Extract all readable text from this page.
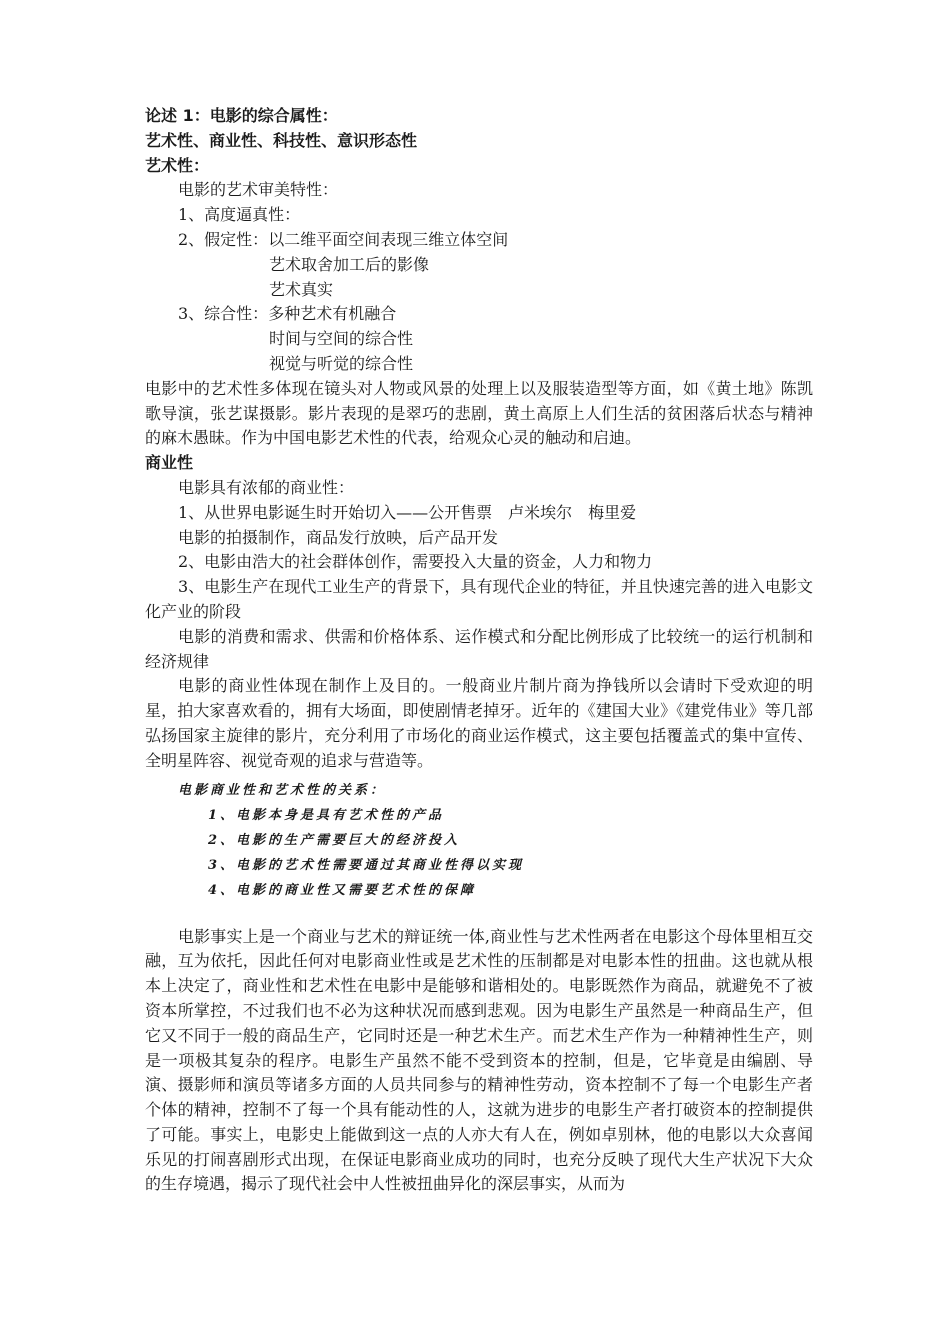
论述 1：电影的综合属性：
艺术性、商业性、科技性、意识形态性
艺术性：
电影的艺术审美特性：
1、高度逼真性：
2、假定性：以二维平面空间表现三维立体空间
艺术取舍加工后的影像
艺术真实
3、综合性：多种艺术有机融合
时间与空间的综合性
视觉与听觉的综合性
电影中的艺术性多体现在镜头对人物或风景的处理上以及服装造型等方面，如《黄土地》陈凯歌导演，张艺谋摄影。影片表现的是翠巧的悲剧，黄土高原上人们生活的贫困落后状态与精神的麻木愚昧。作为中国电影艺术性的代表，给观众心灵的触动和启迪。
商业性
电影具有浓郁的商业性：
1、从世界电影诞生时开始切入——公开售票　卢米埃尔　梅里爱
电影的拍摄制作，商品发行放映，后产品开发
2、电影由浩大的社会群体创作，需要投入大量的资金，人力和物力
3、电影生产在现代工业生产的背景下，具有现代企业的特征，并且快速完善的进入电影文化产业的阶段
电影的消费和需求、供需和价格体系、运作模式和分配比例形成了比较统一的运行机制和经济规律
电影的商业性体现在制作上及目的。一般商业片制片商为挣钱所以会请时下受欢迎的明星，拍大家喜欢看的，拥有大场面，即使剧情老掉牙。近年的《建国大业》《建党伟业》等几部弘扬国家主旋律的影片，充分利用了市场化的商业运作模式，这主要包括覆盖式的集中宣传、全明星阵容、视觉奇观的追求与营造等。
电影商业性和艺术性的关系：
1、电影本身是具有艺术性的产品
2、电影的生产需要巨大的经济投入
3、电影的艺术性需要通过其商业性得以实现
4、电影的商业性又需要艺术性的保障
电影事实上是一个商业与艺术的辩证统一体,商业性与艺术性两者在电影这个母体里相互交融，互为依托，因此任何对电影商业性或是艺术性的压制都是对电影本性的扭曲。这也就从根本上决定了，商业性和艺术性在电影中是能够和谐相处的。电影既然作为商品，就避免不了被资本所掌控，不过我们也不必为这种状况而感到悲观。因为电影生产虽然是一种商品生产，但它又不同于一般的商品生产，它同时还是一种艺术生产。而艺术生产作为一种精神性生产，则是一项极其复杂的程序。电影生产虽然不能不受到资本的控制，但是，它毕竟是由编剧、导演、摄影师和演员等诸多方面的人员共同参与的精神性劳动，资本控制不了每一个电影生产者个体的精神，控制不了每一个具有能动性的人，这就为进步的电影生产者打破资本的控制提供了可能。事实上，电影史上能做到这一点的人亦大有人在，例如卓别林，他的电影以大众喜闻乐见的打闹喜剧形式出现，在保证电影商业成功的同时，也充分反映了现代大生产状况下大众的生存境遇，揭示了现代社会中人性被扭曲异化的深层事实，从而为
